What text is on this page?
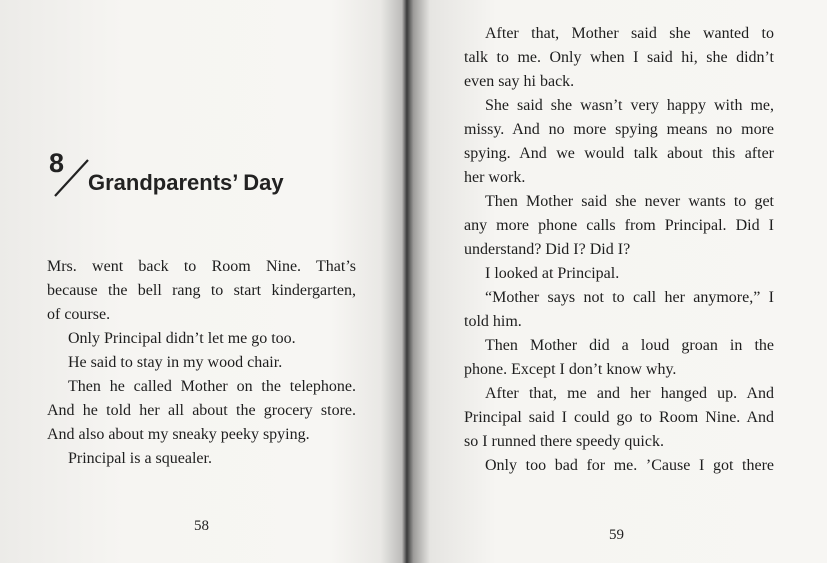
8
Grandparents’ Day
Mrs. went back to Room Nine. That’s
because the bell rang to start kindergarten,
of course.
Only Principal didn’t let me go too.
He said to stay in my wood chair.
Then he called Mother on the telephone.
And he told her all about the grocery store.
And also about my sneaky peeky spying.
Principal is a squealer.
58
After that, Mother said she wanted to
talk to me. Only when I said hi, she didn’t
even say hi back.
She said she wasn’t very happy with me,
missy. And no more spying means no more
spying. And we would talk about this after
her work.
Then Mother said she never wants to get
any more phone calls from Principal. Did I
understand? Did I? Did I?
I looked at Principal.
“Mother says not to call her anymore,” I
told him.
Then Mother did a loud groan in the
phone. Except I don’t know why.
After that, me and her hanged up. And
Principal said I could go to Room Nine. And
so I runned there speedy quick.
Only too bad for me. ’Cause I got there
59
